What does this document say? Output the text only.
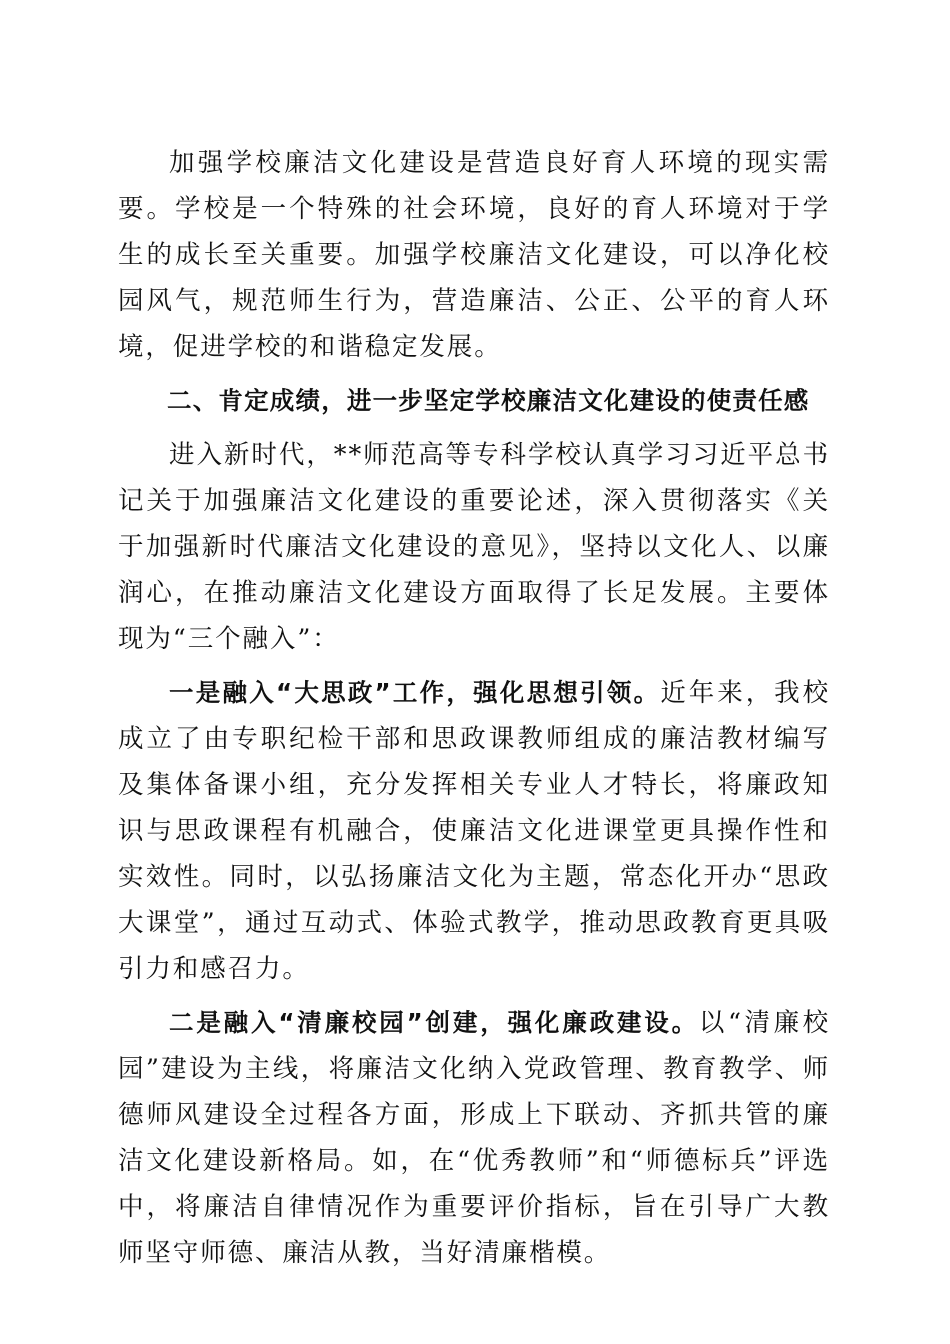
加强学校廉洁文化建设是营造良好育人环境的现实需要。学校是一个特殊的社会环境，良好的育人环境对于学生的成长至关重要。加强学校廉洁文化建设，可以净化校园风气，规范师生行为，营造廉洁、公正、公平的育人环境，促进学校的和谐稳定发展。

二、肯定成绩，进一步坚定学校廉洁文化建设的使责任感

进入新时代，**师范高等专科学校认真学习习近平总书记关于加强廉洁文化建设的重要论述，深入贯彻落实《关于加强新时代廉洁文化建设的意见》，坚持以文化人、以廉润心，在推动廉洁文化建设方面取得了长足发展。主要体现为“三个融入”：

一是融入“大思政”工作，强化思想引领。近年来，我校成立了由专职纪检干部和思政课教师组成的廉洁教材编写及集体备课小组，充分发挥相关专业人才特长，将廉政知识与思政课程有机融合，使廉洁文化进课堂更具操作性和实效性。同时，以弘扬廉洁文化为主题，常态化开办“思政大课堂”，通过互动式、体验式教学，推动思政教育更具吸引力和感召力。

二是融入“清廉校园”创建，强化廉政建设。以“清廉校园”建设为主线，将廉洁文化纳入党政管理、教育教学、师德师风建设全过程各方面，形成上下联动、齐抓共管的廉洁文化建设新格局。如，在“优秀教师”和“师德标兵”评选中，将廉洁自律情况作为重要评价指标，旨在引导广大教师坚守师德、廉洁从教，当好清廉楷模。
